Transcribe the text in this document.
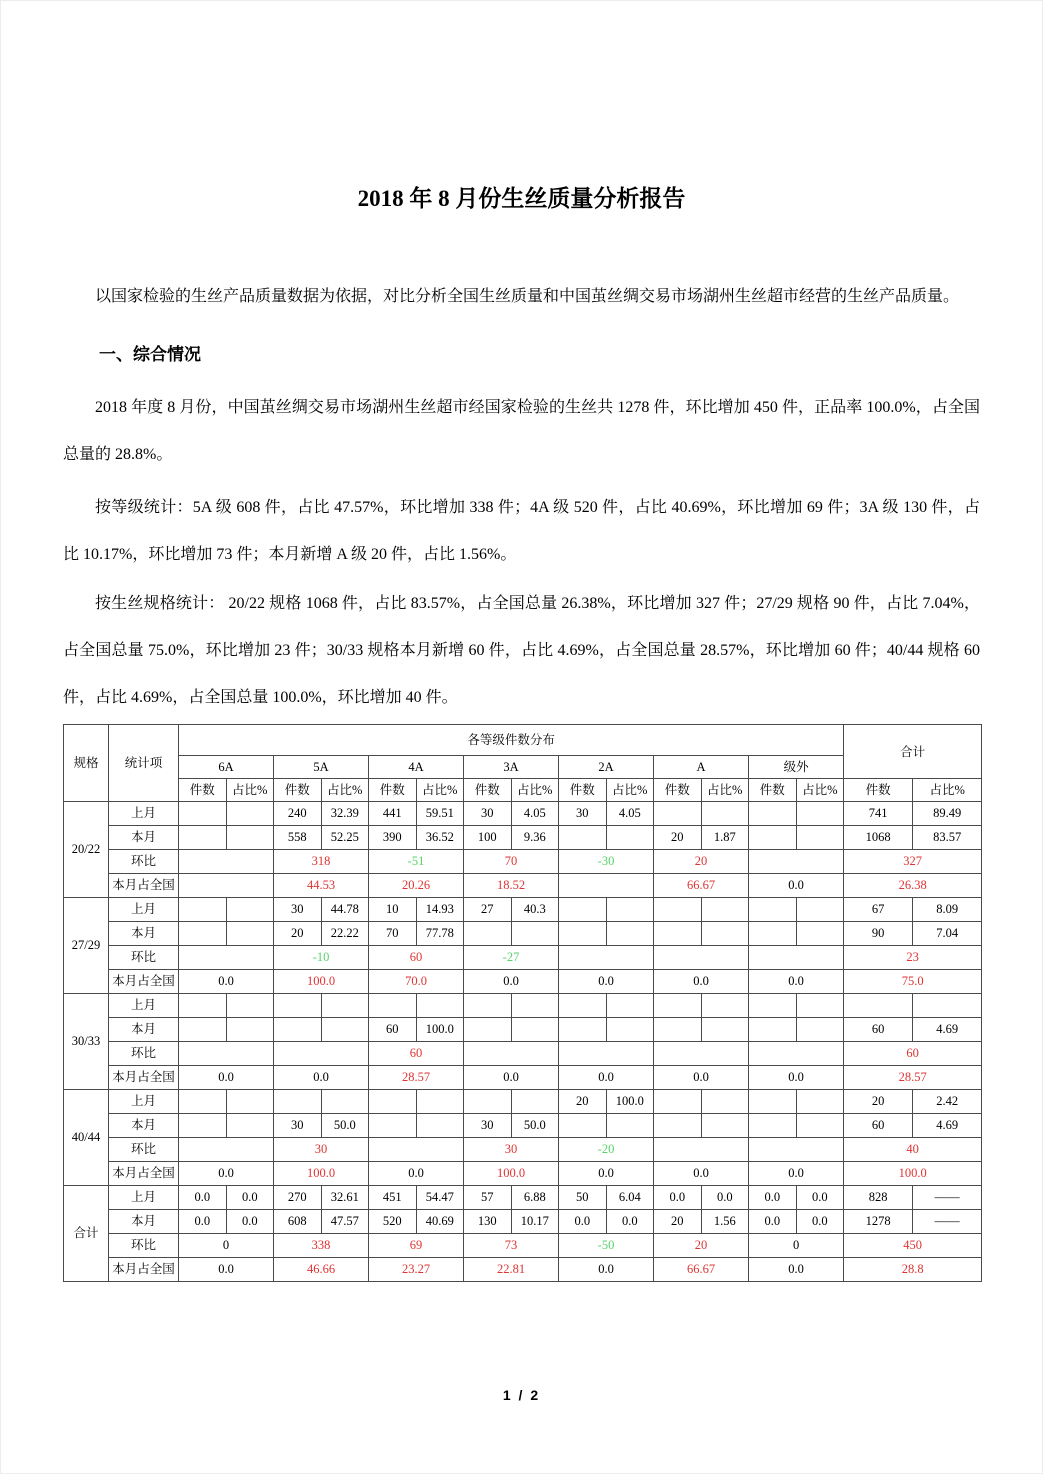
2018 年 8 月份生丝质量分析报告

以国家检验的生丝产品质量数据为依据，对比分析全国生丝质量和中国茧丝绸交易市场湖州生丝超市经营的生丝产品质量。

一、综合情况

2018 年度 8 月份，中国茧丝绸交易市场湖州生丝超市经国家检验的生丝共 1278 件，环比增加 450 件，正品率 100.0%，占全国总量的 28.8%。

按等级统计：5A 级 608 件，占比 47.57%，环比增加 338 件；4A 级 520 件，占比 40.69%，环比增加 69 件；3A 级 130 件，占比 10.17%，环比增加 73 件；本月新增 A 级 20 件，占比 1.56%。

按生丝规格统计： 20/22 规格 1068 件，占比 83.57%，占全国总量 26.38%，环比增加 327 件；27/29 规格 90 件，占比 7.04%，占全国总量 75.0%，环比增加 23 件；30/33 规格本月新增 60 件，占比 4.69%，占全国总量 28.57%，环比增加 60 件；40/44 规格 60 件，占比 4.69%，占全国总量 100.0%，环比增加 40 件。

规格	统计项	各等级件数分布														合计	
		6A		5A		4A		3A		2A		A		级外			
		件数	占比%	件数	占比%	件数	占比%	件数	占比%	件数	占比%	件数	占比%	件数	占比%	件数	占比%
20/22	上月			240	32.39	441	59.51	30	4.05	30	4.05					741	89.49
	本月			558	52.25	390	36.52	100	9.36			20	1.87			1068	83.57
	环比			318		-51		70		-30		20				327	
	本月占全国			44.53		20.26		18.52				66.67		0.0		26.38	
27/29	上月			30	44.78	10	14.93	27	40.3							67	8.09
	本月			20	22.22	70	77.78									90	7.04
	环比			-10		60		-27								23	
	本月占全国	0.0		100.0		70.0		0.0		0.0		0.0		0.0		75.0	
30/33	上月																
	本月					60	100.0									60	4.69
	环比					60										60	
	本月占全国	0.0		0.0		28.57		0.0		0.0		0.0		0.0		28.57	
40/44	上月									20	100.0					20	2.42
	本月			30	50.0			30	50.0							60	4.69
	环比			30				30		-20						40	
	本月占全国	0.0		100.0		0.0		100.0		0.0		0.0		0.0		100.0	
合计	上月	0.0	0.0	270	32.61	451	54.47	57	6.88	50	6.04	0.0	0.0	0.0	0.0	828	——
	本月	0.0	0.0	608	47.57	520	40.69	130	10.17	0.0	0.0	20	1.56	0.0	0.0	1278	——
	环比	0		338		69		73		-50		20		0		450	
	本月占全国	0.0		46.66		23.27		22.81		0.0		66.67		0.0		28.8	
1 / 2
